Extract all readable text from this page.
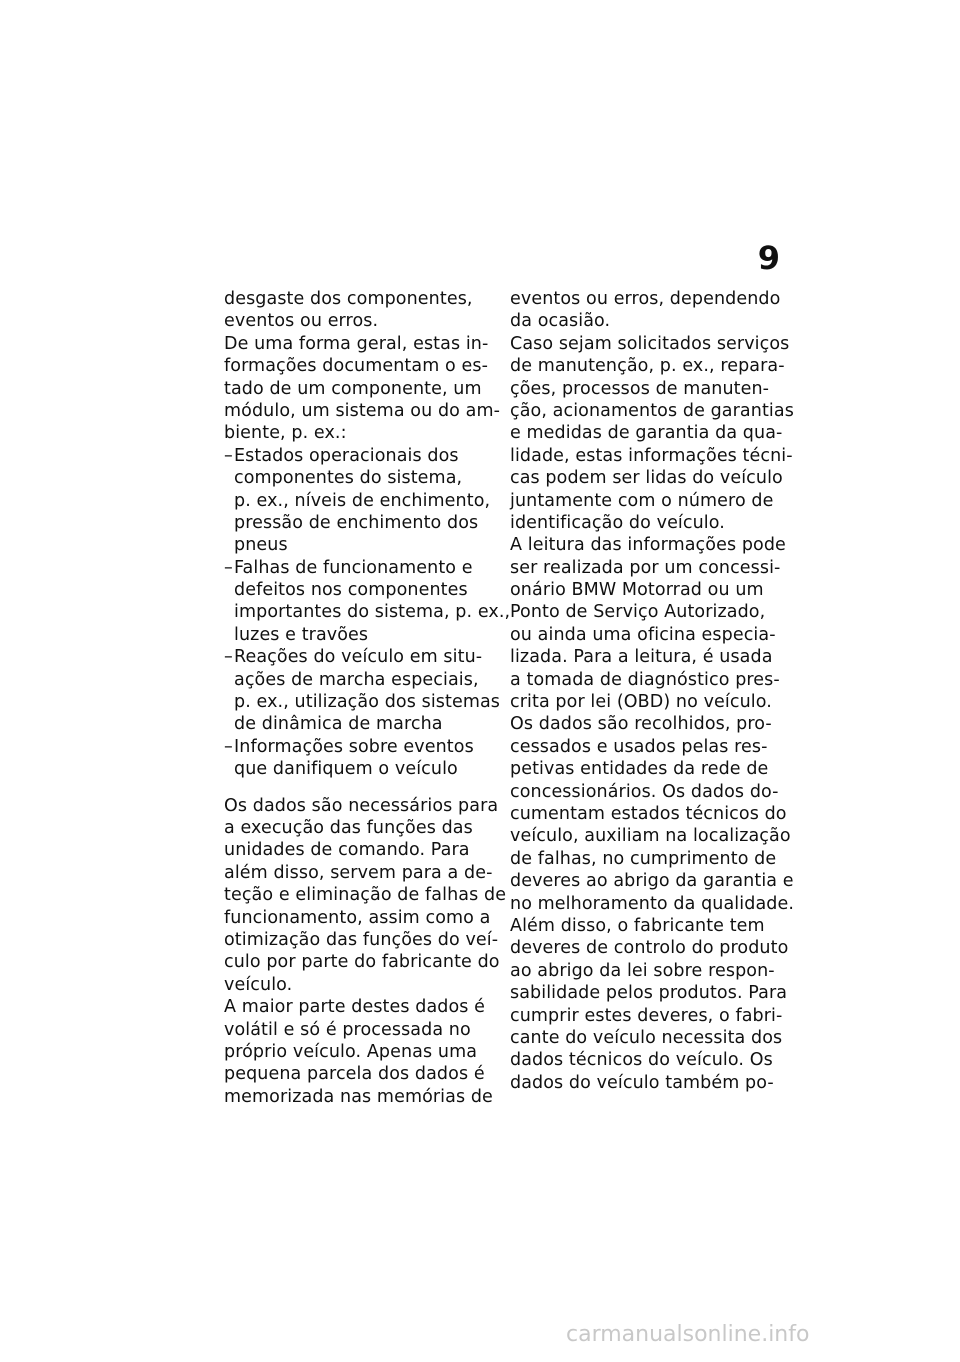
9
desgaste dos componentes,
eventos ou erros.
De uma forma geral, estas in-
formações documentam o es-
tado de um componente, um
módulo, um sistema ou do am-
biente, p. ex.:
–Estados operacionais dos
componentes do sistema,
p. ex., níveis de enchimento,
pressão de enchimento dos
pneus
–Falhas de funcionamento e
defeitos nos componentes
importantes do sistema, p. ex.,
luzes e travões
–Reações do veículo em situ-
ações de marcha especiais,
p. ex., utilização dos sistemas
de dinâmica de marcha
–Informações sobre eventos
que danifiquem o veículo
Os dados são necessários para
a execução das funções das
unidades de comando. Para
além disso, servem para a de-
teção e eliminação de falhas de
funcionamento, assim como a
otimização das funções do veí-
culo por parte do fabricante do
veículo.
A maior parte destes dados é
volátil e só é processada no
próprio veículo. Apenas uma
pequena parcela dos dados é
memorizada nas memórias de
eventos ou erros, dependendo
da ocasião.
Caso sejam solicitados serviços
de manutenção, p. ex., repara-
ções, processos de manuten-
ção, acionamentos de garantias
e medidas de garantia da qua-
lidade, estas informações técni-
cas podem ser lidas do veículo
juntamente com o número de
identificação do veículo.
A leitura das informações pode
ser realizada por um concessi-
onário BMW Motorrad ou um
Ponto de Serviço Autorizado,
ou ainda uma oficina especia-
lizada. Para a leitura, é usada
a tomada de diagnóstico pres-
crita por lei (OBD) no veículo.
Os dados são recolhidos, pro-
cessados e usados pelas res-
petivas entidades da rede de
concessionários. Os dados do-
cumentam estados técnicos do
veículo, auxiliam na localização
de falhas, no cumprimento de
deveres ao abrigo da garantia e
no melhoramento da qualidade.
Além disso, o fabricante tem
deveres de controlo do produto
ao abrigo da lei sobre respon-
sabilidade pelos produtos. Para
cumprir estes deveres, o fabri-
cante do veículo necessita dos
dados técnicos do veículo. Os
dados do veículo também po-
carmanualsonline.info
